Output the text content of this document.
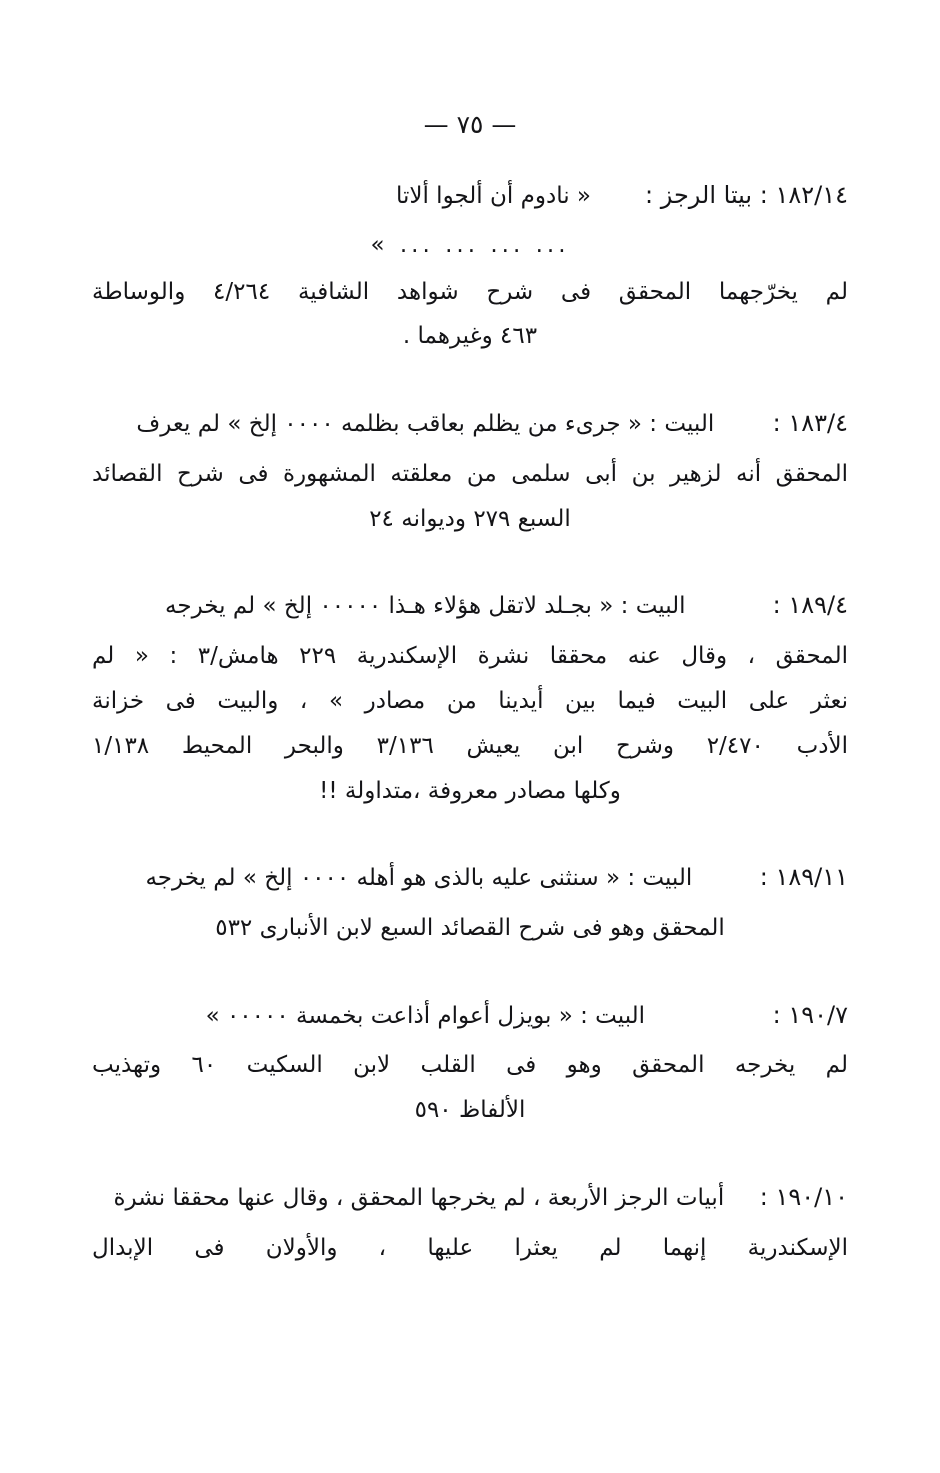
— ٧٥ —
١٨٢/١٤ : بيتا الرجز :
« نادوم أن ألجوا ألاتا
... ... ... ... »
لم يخرّجهما المحقق فى شرح شواهد الشافية ٤/٢٦٤ والوساطة
٤٦٣ وغيرهما .
١٨٣/٤ :
البيت : « جرىء من يظلم بعاقب بظلمه ٠٠٠٠ إلخ » لم يعرف
المحقق أنه لزهير بن أبى سلمى من معلقته المشهورة فى شرح القصائد
السبع ٢٧٩ وديوانه ٢٤
١٨٩/٤ :
البيت : « بجـلد لاتقل هؤلاء هـذا ٠٠٠٠٠ إلخ » لم يخرجه
المحقق ، وقال عنه محققا نشرة الإسكندرية ٢٢٩ هامش/٣ : « لم
نعثر على البيت فيما بين أيدينا من مصادر » ، والبيت فى خزانة
الأدب ٢/٤٧٠ وشرح ابن يعيش ٣/١٣٦ والبحر المحيط ١/١٣٨
وكلها مصادر معروفة ،متداولة !!
١٨٩/١١ :
البيت : « سنثنى عليه بالذى هو أهله ٠٠٠٠ إلخ » لم يخرجه
المحقق وهو فى شرح القصائد السبع لابن الأنبارى ٥٣٢
١٩٠/٧ :
البيت : « بويزل أعوام أذاعت بخمسة ٠٠٠٠٠ »
لم يخرجه المحقق وهو فى القلب لابن السكيت ٦٠ وتهذيب
الألفاظ ٥٩٠
١٩٠/١٠ :
أبيات الرجز الأربعة ، لم يخرجها المحقق ، وقال عنها محققا نشرة
الإسكندرية إنهما لم يعثرا عليها ، والأولان فى الإبدال
